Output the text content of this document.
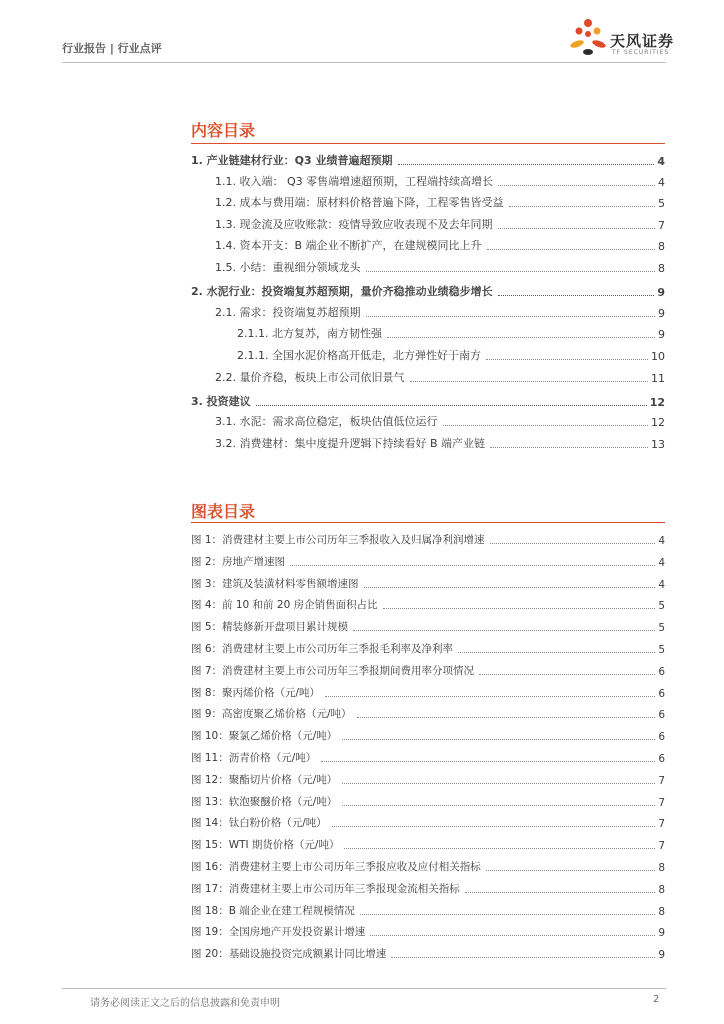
行业报告 | 行业点评	天风证券
TF SECURITIES
内容目录
1. 产业链建材行业：Q3 业绩普遍超预期	4
1.1. 收入端： Q3 零售端增速超预期，工程端持续高增长	4
1.2. 成本与费用端：原材料价格普遍下降，工程零售皆受益	5
1.3. 现金流及应收账款：疫情导致应收表现不及去年同期	7
1.4. 资本开支：B 端企业不断扩产，在建规模同比上升	8
1.5. 小结：重视细分领域龙头	8
2. 水泥行业：投资端复苏超预期，量价齐稳推动业绩稳步增长	9
2.1. 需求：投资端复苏超预期	9
2.1.1. 北方复苏，南方韧性强	9
2.1.1. 全国水泥价格高开低走，北方弹性好于南方	10
2.2. 量价齐稳，板块上市公司依旧景气	11
3. 投资建议	12
3.1. 水泥：需求高位稳定，板块估值低位运行	12
3.2. 消费建材：集中度提升逻辑下持续看好 B 端产业链	13
图表目录
图 1：消费建材主要上市公司历年三季报收入及归属净利润增速	4
图 2：房地产增速图	4
图 3：建筑及装潢材料零售额增速图	4
图 4：前 10 和前 20 房企销售面积占比	5
图 5：精装修新开盘项目累计规模	5
图 6：消费建材主要上市公司历年三季报毛利率及净利率	5
图 7：消费建材主要上市公司历年三季报期间费用率分项情况	6
图 8：聚丙烯价格（元/吨）	6
图 9：高密度聚乙烯价格（元/吨）	6
图 10：聚氯乙烯价格（元/吨）	6
图 11：沥青价格（元/吨）	6
图 12：聚酯切片价格（元/吨）	7
图 13：软泡聚醚价格（元/吨）	7
图 14：钛白粉价格（元/吨）	7
图 15：WTI 期货价格（元/吨）	7
图 16：消费建材主要上市公司历年三季报应收及应付相关指标	8
图 17：消费建材主要上市公司历年三季报现金流相关指标	8
图 18：B 端企业在建工程规模情况	8
图 19：全国房地产开发投资累计增速	9
图 20：基础设施投资完成额累计同比增速	9
请务必阅读正文之后的信息披露和免责申明	2
